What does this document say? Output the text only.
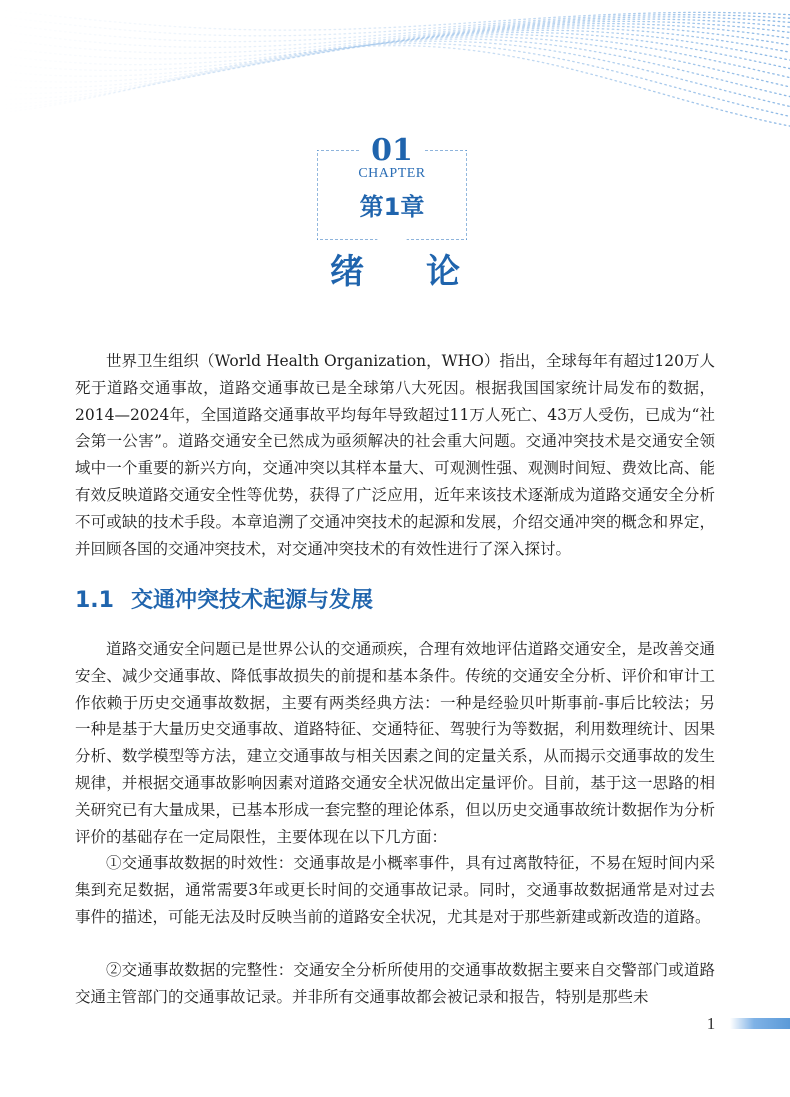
01
CHAPTER
第1章
绪论

世界卫生组织（World Health Organization，WHO）指出，全球每年有超过120万人死于道路交通事故，道路交通事故已是全球第八大死因。根据我国国家统计局发布的数据，2014—2024年，全国道路交通事故平均每年导致超过11万人死亡、43万人受伤，已成为“社会第一公害”。道路交通安全已然成为亟须解决的社会重大问题。交通冲突技术是交通安全领域中一个重要的新兴方向，交通冲突以其样本量大、可观测性强、观测时间短、费效比高、能有效反映道路交通安全性等优势，获得了广泛应用，近年来该技术逐渐成为道路交通安全分析不可或缺的技术手段。本章追溯了交通冲突技术的起源和发展，介绍交通冲突的概念和界定，并回顾各国的交通冲突技术，对交通冲突技术的有效性进行了深入探讨。

1.1 交通冲突技术起源与发展

道路交通安全问题已是世界公认的交通顽疾，合理有效地评估道路交通安全，是改善交通安全、减少交通事故、降低事故损失的前提和基本条件。传统的交通安全分析、评价和审计工作依赖于历史交通事故数据，主要有两类经典方法：一种是经验贝叶斯事前-事后比较法；另一种是基于大量历史交通事故、道路特征、交通特征、驾驶行为等数据，利用数理统计、因果分析、数学模型等方法，建立交通事故与相关因素之间的定量关系，从而揭示交通事故的发生规律，并根据交通事故影响因素对道路交通安全状况做出定量评价。目前，基于这一思路的相关研究已有大量成果，已基本形成一套完整的理论体系，但以历史交通事故统计数据作为分析评价的基础存在一定局限性，主要体现在以下几方面：

①交通事故数据的时效性：交通事故是小概率事件，具有过离散特征，不易在短时间内采集到充足数据，通常需要3年或更长时间的交通事故记录。同时，交通事故数据通常是对过去事件的描述，可能无法及时反映当前的道路安全状况，尤其是对于那些新建或新改造的道路。

②交通事故数据的完整性：交通安全分析所使用的交通事故数据主要来自交警部门或道路交通主管部门的交通事故记录。并非所有交通事故都会被记录和报告，特别是那些未

1
